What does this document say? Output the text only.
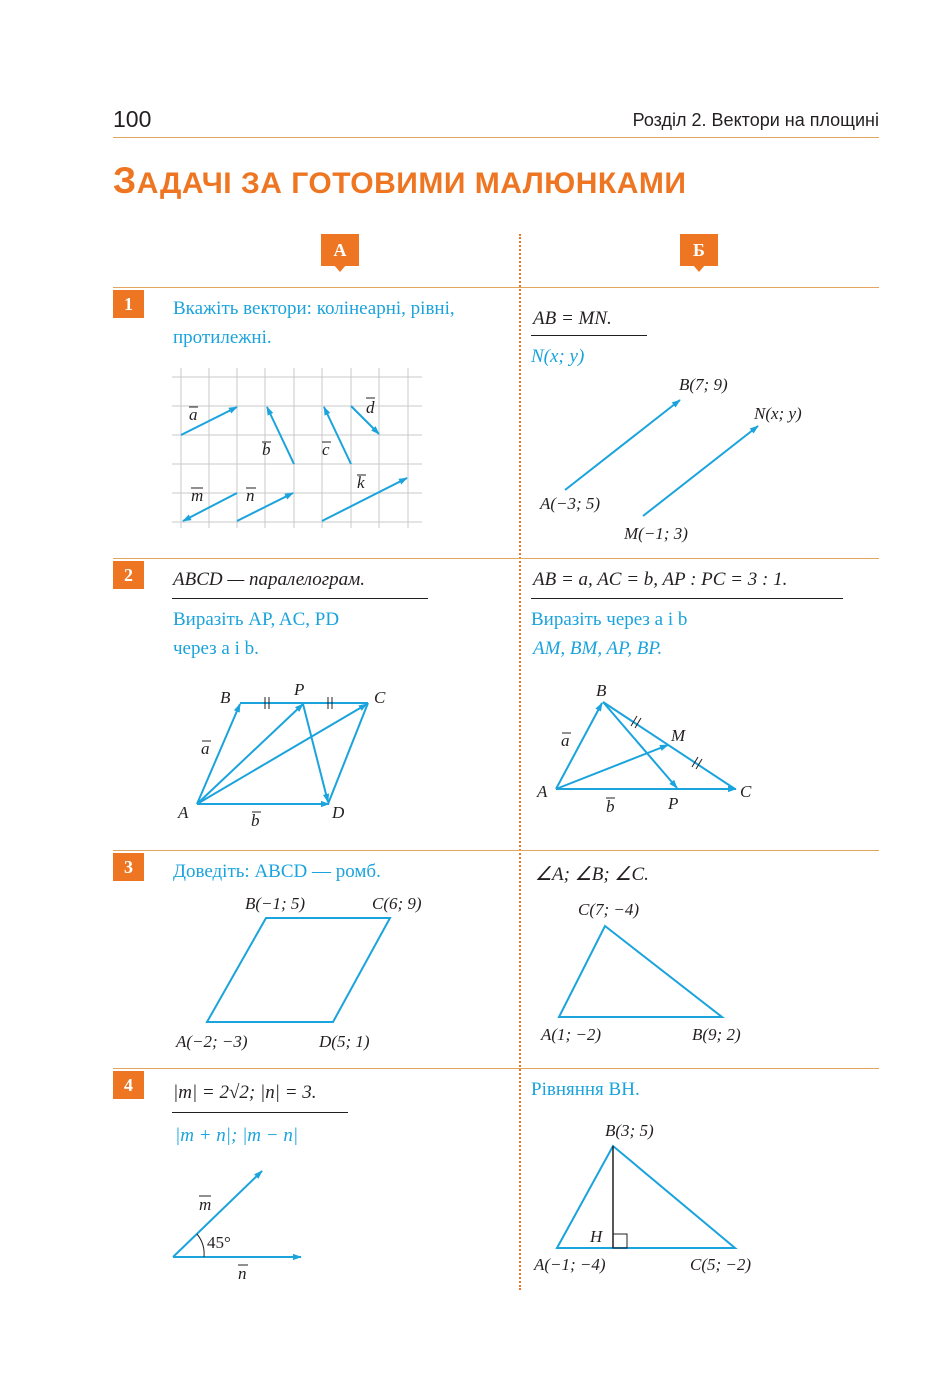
100	Розділ 2. Вектори на площині
ЗАДАЧІ ЗА ГОТОВИМИ МАЛЮНКАМИ
А	Б
1
2
3
4
Вкажіть вектори: колінеарні, рівні, протилежні.
a
b	c
d
m	n
k
AB = MN.
N(x; y)
B(7; 9)
N(x; y)
A(−3; 5)
M(−1; 3)
ABCD — паралелограм.
Виразіть AP, AC, PD
через a і b.
B	P	C
A	D
a
b
AB = a, AC = b, AP : PC = 3 : 1.
Виразіть через a і b
AM, BM, AP, BP.
B
M
A	C
P
a
b
Доведіть: ABCD — ромб.
B(−1; 5)	C(6; 9)
A(−2; −3)	D(5; 1)
∠A; ∠B; ∠C.
C(7; −4)
A(1; −2)	B(9; 2)
|m| = 2√2; |n| = 3.
|m + n|; |m − n|
m
n
45°
Рівняння BH.
B(3; 5)
H
A(−1; −4)	C(5; −2)
